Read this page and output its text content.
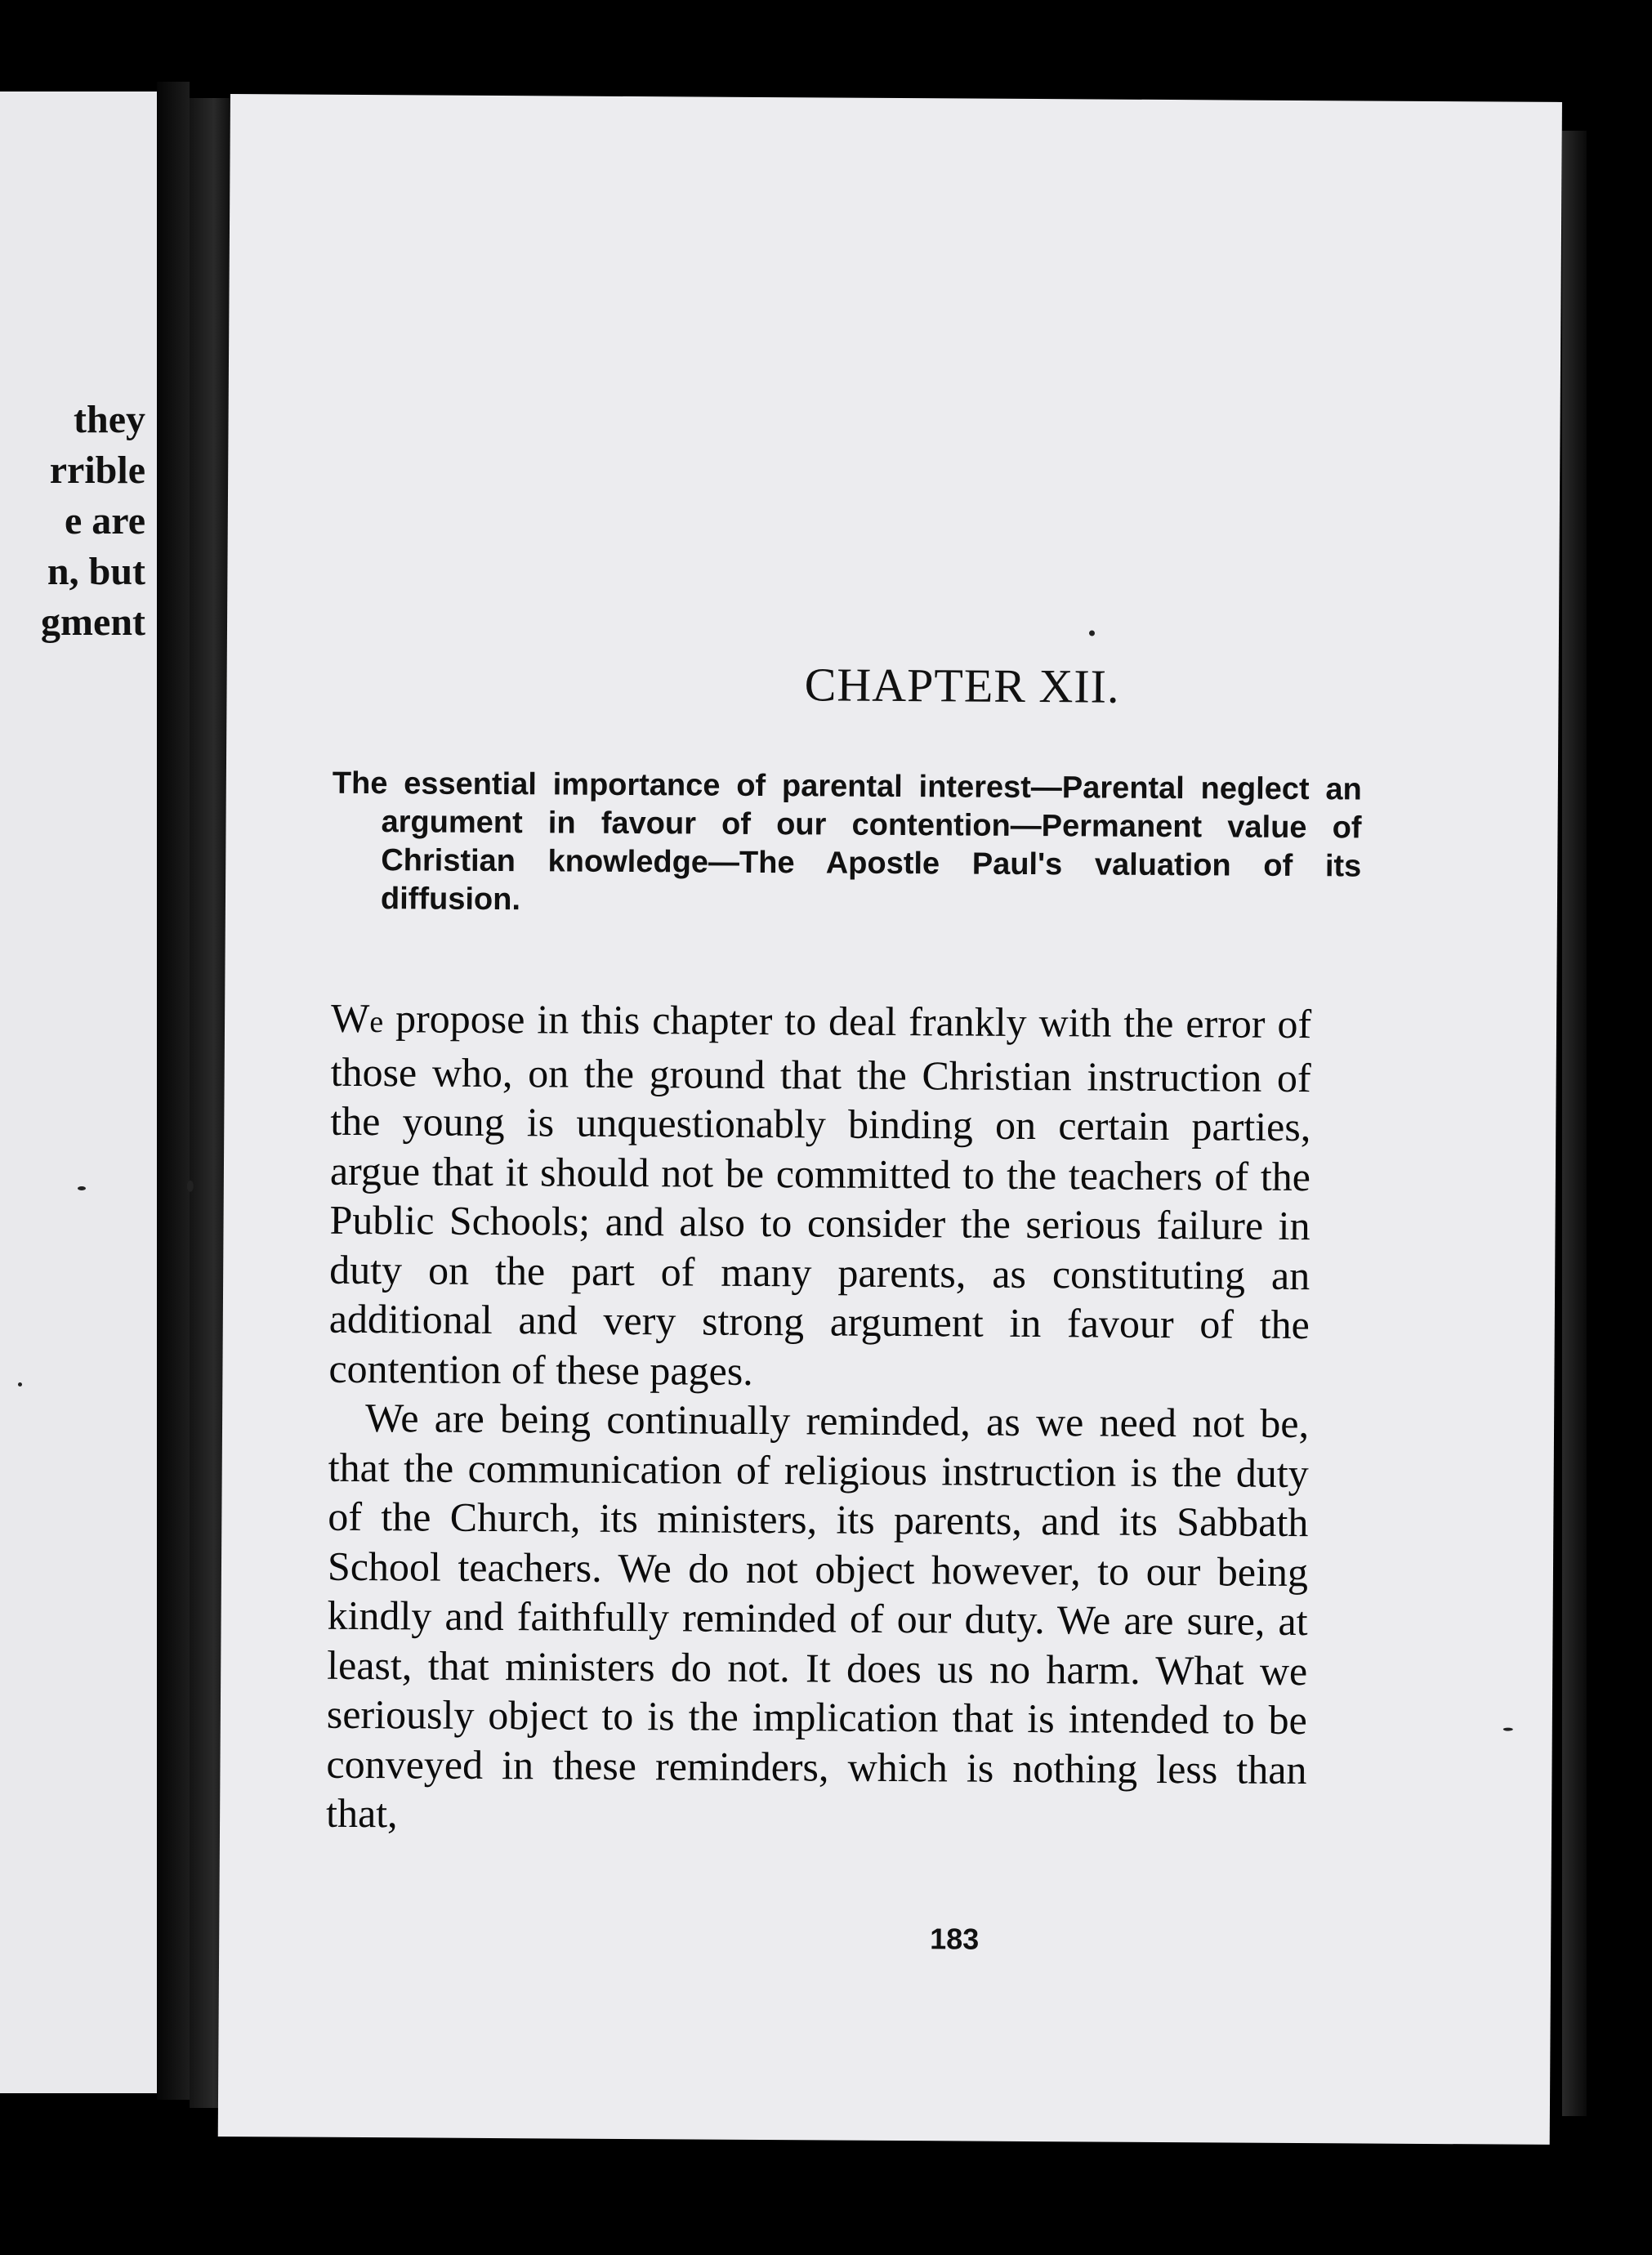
they
rrible
e are
n, but
gment
CHAPTER XII.

The essential importance of parental interest—Parental neglect an argument in favour of our contention—Permanent value of Christian knowledge—The Apostle Paul's valuation of its diffusion.

We propose in this chapter to deal frankly with the error of those who, on the ground that the Christian instruction of the young is unquestionably binding on certain parties, argue that it should not be committed to the teachers of the Public Schools; and also to consider the serious failure in duty on the part of many parents, as constituting an additional and very strong argument in favour of the contention of these pages.

We are being continually reminded, as we need not be, that the communication of religious instruction is the duty of the Church, its ministers, its parents, and its Sabbath School teachers. We do not object however, to our being kindly and faithfully reminded of our duty. We are sure, at least, that ministers do not. It does us no harm. What we seriously object to is the implication that is intended to be conveyed in these reminders, which is nothing less than that,

183
